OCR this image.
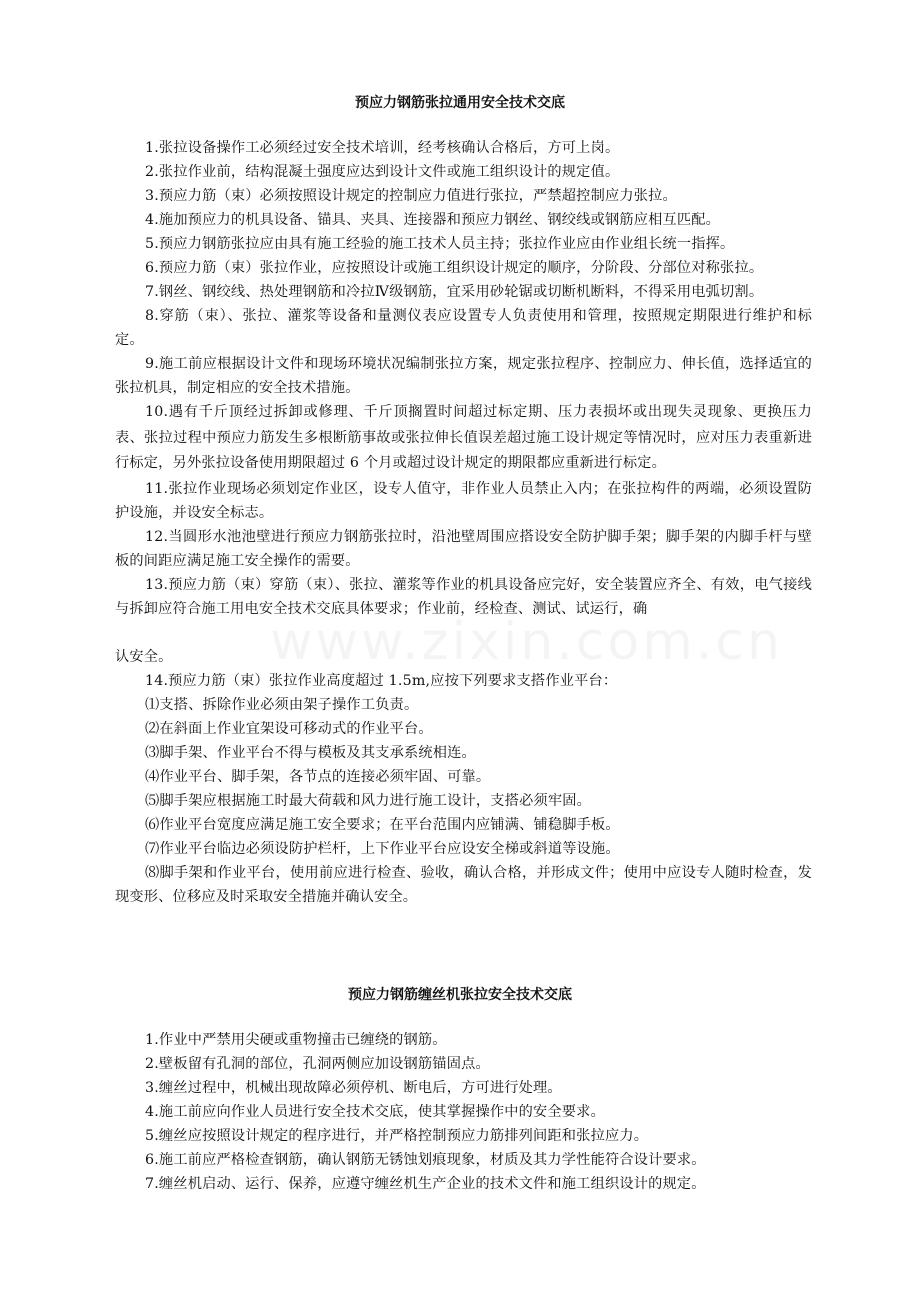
预应力钢筋张拉通用安全技术交底

1.张拉设备操作工必须经过安全技术培训，经考核确认合格后，方可上岗。

2.张拉作业前，结构混凝土强度应达到设计文件或施工组织设计的规定值。

3.预应力筋（束）必须按照设计规定的控制应力值进行张拉，严禁超控制应力张拉。

4.施加预应力的机具设备、锚具、夹具、连接器和预应力钢丝、钢绞线或钢筋应相互匹配。

5.预应力钢筋张拉应由具有施工经验的施工技术人员主持；张拉作业应由作业组长统一指挥。

6.预应力筋（束）张拉作业，应按照设计或施工组织设计规定的顺序，分阶段、分部位对称张拉。

7.钢丝、钢绞线、热处理钢筋和冷拉Ⅳ级钢筋，宜采用砂轮锯或切断机断料，不得采用电弧切割。

8.穿筋（束）、张拉、灌浆等设备和量测仪表应设置专人负责使用和管理，按照规定期限进行维护和标定。

9.施工前应根据设计文件和现场环境状况编制张拉方案，规定张拉程序、控制应力、伸长值，选择适宜的张拉机具，制定相应的安全技术措施。

10.遇有千斤顶经过拆卸或修理、千斤顶搁置时间超过标定期、压力表损坏或出现失灵现象、更换压力表、张拉过程中预应力筋发生多根断筋事故或张拉伸长值误差超过施工设计规定等情况时，应对压力表重新进行标定，另外张拉设备使用期限超过 6 个月或超过设计规定的期限都应重新进行标定。

11.张拉作业现场必须划定作业区，设专人值守，非作业人员禁止入内；在张拉构件的两端，必须设置防护设施，并设安全标志。

12.当圆形水池池壁进行预应力钢筋张拉时，沿池壁周围应搭设安全防护脚手架；脚手架的内脚手杆与壁板的间距应满足施工安全操作的需要。

13.预应力筋（束）穿筋（束）、张拉、灌浆等作业的机具设备应完好，安全装置应齐全、有效，电气接线与拆卸应符合施工用电安全技术交底具体要求；作业前，经检查、测试、试运行，确

认安全。

14.预应力筋（束）张拉作业高度超过 1.5m,应按下列要求支搭作业平台：

⑴支搭、拆除作业必须由架子操作工负责。

⑵在斜面上作业宜架设可移动式的作业平台。

⑶脚手架、作业平台不得与模板及其支承系统相连。

⑷作业平台、脚手架，各节点的连接必须牢固、可靠。

⑸脚手架应根据施工时最大荷载和风力进行施工设计，支搭必须牢固。

⑹作业平台宽度应满足施工安全要求；在平台范围内应铺满、铺稳脚手板。

⑺作业平台临边必须设防护栏杆，上下作业平台应设安全梯或斜道等设施。

⑻脚手架和作业平台，使用前应进行检查、验收，确认合格，并形成文件；使用中应设专人随时检查，发现变形、位移应及时采取安全措施并确认安全。

预应力钢筋缠丝机张拉安全技术交底

1.作业中严禁用尖硬或重物撞击已缠绕的钢筋。

2.壁板留有孔洞的部位，孔洞两侧应加设钢筋锚固点。

3.缠丝过程中，机械出现故障必须停机、断电后，方可进行处理。

4.施工前应向作业人员进行安全技术交底，使其掌握操作中的安全要求。

5.缠丝应按照设计规定的程序进行，并严格控制预应力筋排列间距和张拉应力。

6.施工前应严格检查钢筋，确认钢筋无锈蚀划痕现象，材质及其力学性能符合设计要求。

7.缠丝机启动、运行、保养，应遵守缠丝机生产企业的技术文件和施工组织设计的规定。
